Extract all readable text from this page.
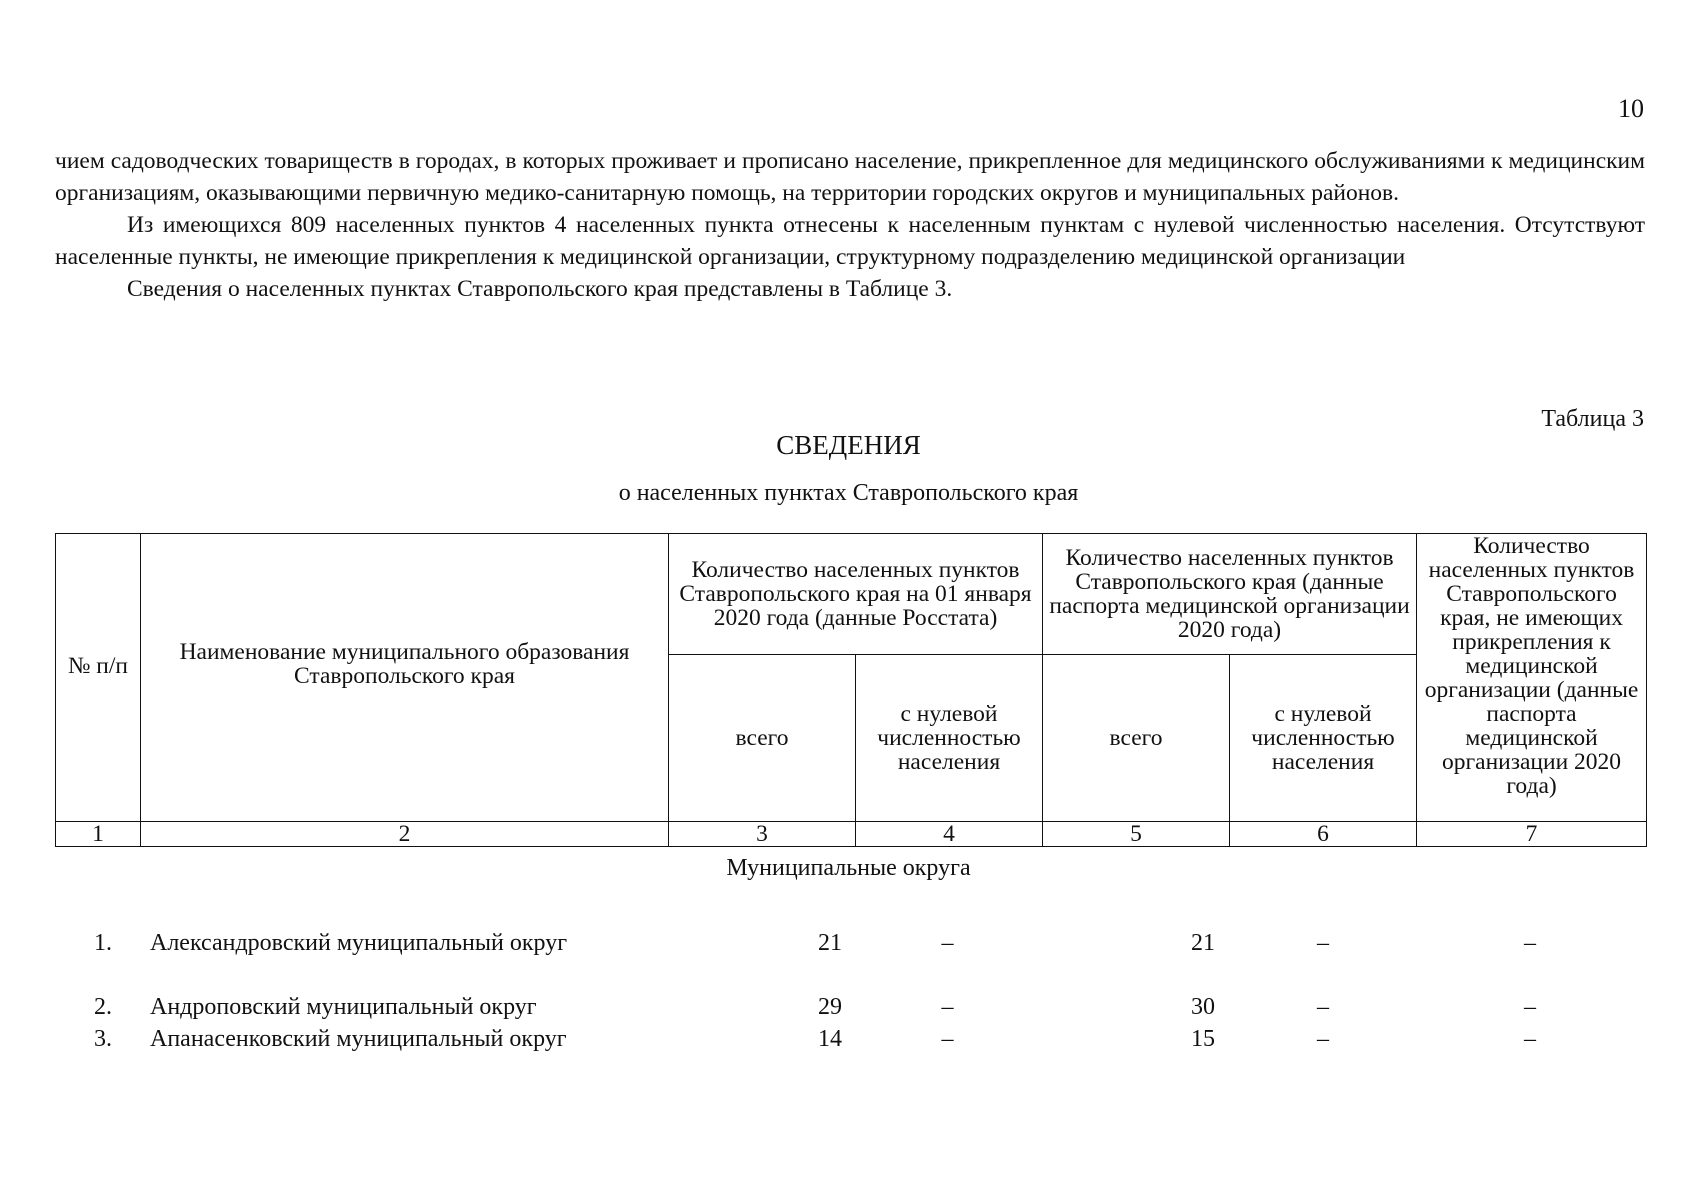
10

чием садоводческих товариществ в городах, в которых проживает и прописано население, прикрепленное для медицинского обслуживаниями к медицинским организациям, оказывающими первичную медико-санитарную помощь, на территории городских округов и муниципальных районов.

Из имеющихся 809 населенных пунктов 4 населенных пункта отнесены к населенным пунктам с нулевой численностью населения. Отсутствуют населенные пункты, не имеющие прикрепления к медицинской организации, структурному подразделению медицинской организации

Сведения о населенных пунктах Ставропольского края представлены в Таблице 3.

Таблица 3
СВЕДЕНИЯ
о населенных пунктах Ставропольского края
№ п/п	Наименование муниципального образования Ставропольского края	Количество населенных пунктов Ставропольского края на 01 января 2020 года (данные Росстата)		Количество населенных пунктов Ставропольского края (данные паспорта медицинской организации 2020 года)		Количество населенных пунктов Ставропольского края, не имеющих прикрепления к медицинской организации (данные паспорта медицинской организации 2020 года)
		всего	с нулевой численностью населения	всего	с нулевой численностью населения	
1	2	3	4	5	6	7
Муниципальные округа
1. Александровский муниципальный округ	21	–	21	–	–
2. Андроповский муниципальный округ	29	–	30	–	–
3. Апанасенковский муниципальный округ	14	–	15	–	–
